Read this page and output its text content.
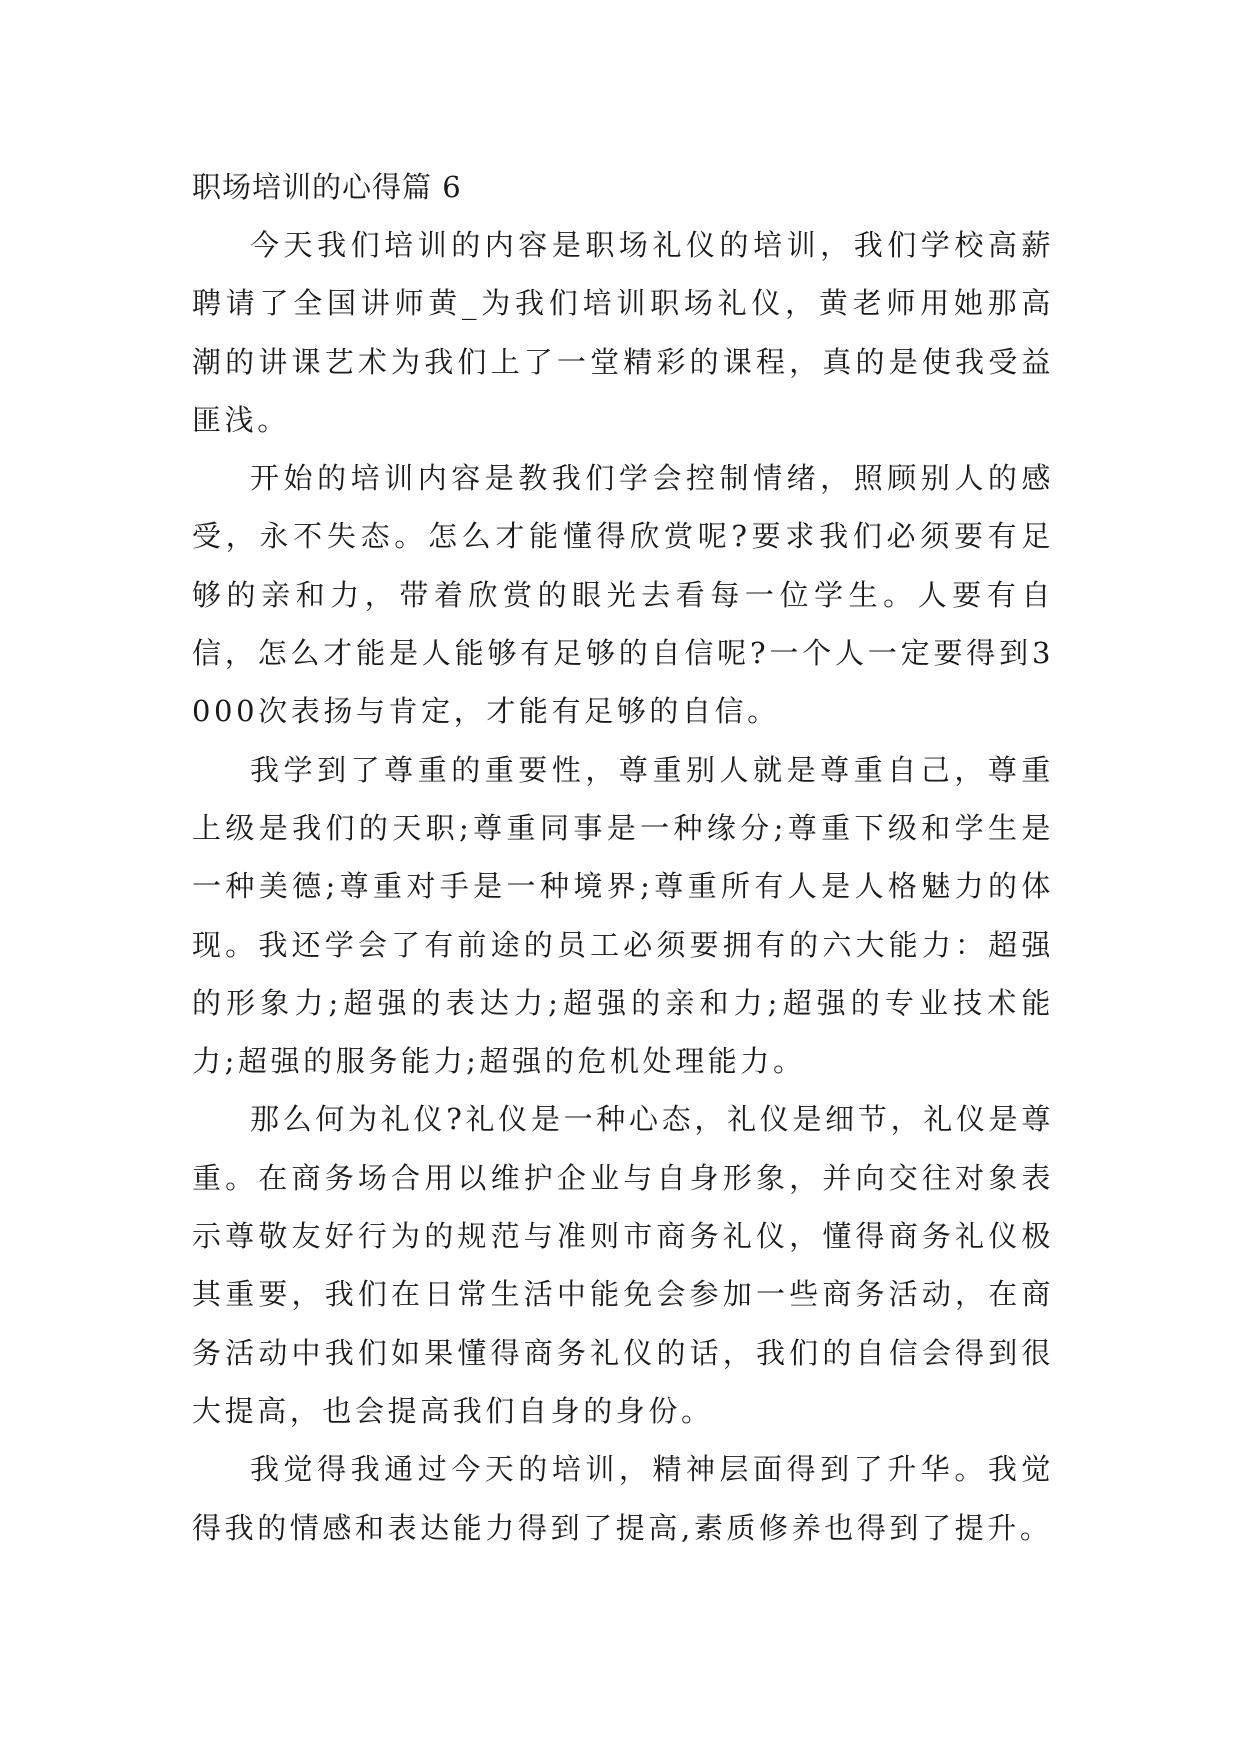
职场培训的心得篇 6

今天我们培训的内容是职场礼仪的培训，我们学校高薪聘请了全国讲师黄_为我们培训职场礼仪，黄老师用她那高潮的讲课艺术为我们上了一堂精彩的课程，真的是使我受益匪浅。

开始的培训内容是教我们学会控制情绪，照顾别人的感受，永不失态。怎么才能懂得欣赏呢?要求我们必须要有足够的亲和力，带着欣赏的眼光去看每一位学生。人要有自信，怎么才能是人能够有足够的自信呢?一个人一定要得到3000次表扬与肯定，才能有足够的自信。

我学到了尊重的重要性，尊重别人就是尊重自己，尊重上级是我们的天职;尊重同事是一种缘分;尊重下级和学生是一种美德;尊重对手是一种境界;尊重所有人是人格魅力的体现。我还学会了有前途的员工必须要拥有的六大能力：超强的形象力;超强的表达力;超强的亲和力;超强的专业技术能力;超强的服务能力;超强的危机处理能力。

那么何为礼仪?礼仪是一种心态，礼仪是细节，礼仪是尊重。在商务场合用以维护企业与自身形象，并向交往对象表示尊敬友好行为的规范与准则市商务礼仪，懂得商务礼仪极其重要，我们在日常生活中能免会参加一些商务活动，在商务活动中我们如果懂得商务礼仪的话，我们的自信会得到很大提高，也会提高我们自身的身份。

我觉得我通过今天的培训，精神层面得到了升华。我觉得我的情感和表达能力得到了提高,素质修养也得到了提升。
